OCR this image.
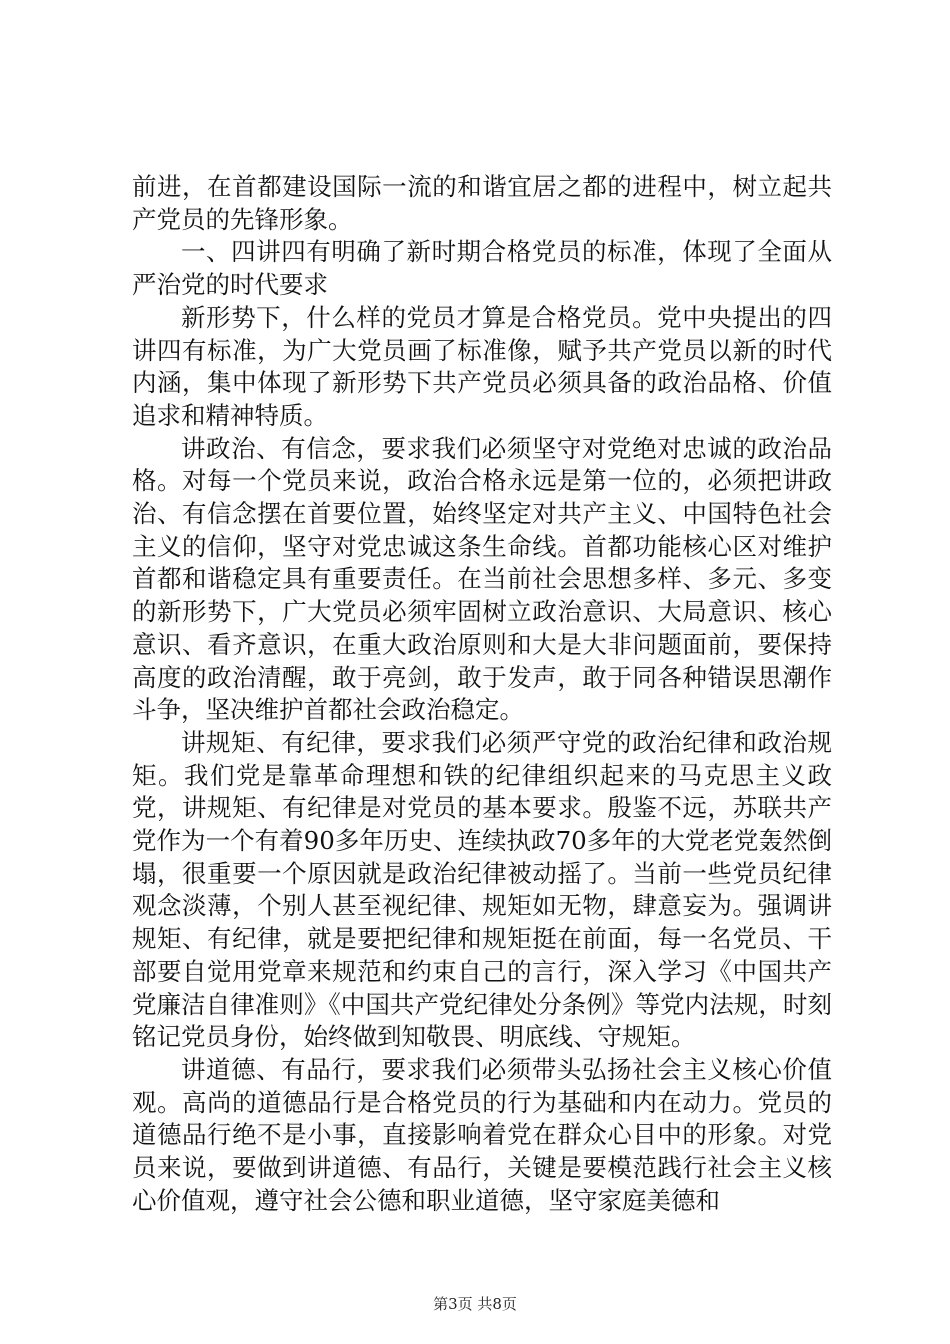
前进，在首都建设国际一流的和谐宜居之都的进程中，树立起共产党员的先锋形象。

一、四讲四有明确了新时期合格党员的标准，体现了全面从严治党的时代要求

新形势下，什么样的党员才算是合格党员。党中央提出的四讲四有标准，为广大党员画了标准像，赋予共产党员以新的时代内涵，集中体现了新形势下共产党员必须具备的政治品格、价值追求和精神特质。

讲政治、有信念，要求我们必须坚守对党绝对忠诚的政治品格。对每一个党员来说，政治合格永远是第一位的，必须把讲政治、有信念摆在首要位置，始终坚定对共产主义、中国特色社会主义的信仰，坚守对党忠诚这条生命线。首都功能核心区对维护首都和谐稳定具有重要责任。在当前社会思想多样、多元、多变的新形势下，广大党员必须牢固树立政治意识、大局意识、核心意识、看齐意识，在重大政治原则和大是大非问题面前，要保持高度的政治清醒，敢于亮剑，敢于发声，敢于同各种错误思潮作斗争，坚决维护首都社会政治稳定。

讲规矩、有纪律，要求我们必须严守党的政治纪律和政治规矩。我们党是靠革命理想和铁的纪律组织起来的马克思主义政党，讲规矩、有纪律是对党员的基本要求。殷鉴不远，苏联共产党作为一个有着90多年历史、连续执政70多年的大党老党轰然倒塌，很重要一个原因就是政治纪律被动摇了。当前一些党员纪律观念淡薄，个别人甚至视纪律、规矩如无物，肆意妄为。强调讲规矩、有纪律，就是要把纪律和规矩挺在前面，每一名党员、干部要自觉用党章来规范和约束自己的言行，深入学习《中国共产党廉洁自律准则》《中国共产党纪律处分条例》等党内法规，时刻铭记党员身份，始终做到知敬畏、明底线、守规矩。

讲道德、有品行，要求我们必须带头弘扬社会主义核心价值观。高尚的道德品行是合格党员的行为基础和内在动力。党员的道德品行绝不是小事，直接影响着党在群众心目中的形象。对党员来说，要做到讲道德、有品行，关键是要模范践行社会主义核心价值观，遵守社会公德和职业道德，坚守家庭美德和

第3页 共8页
